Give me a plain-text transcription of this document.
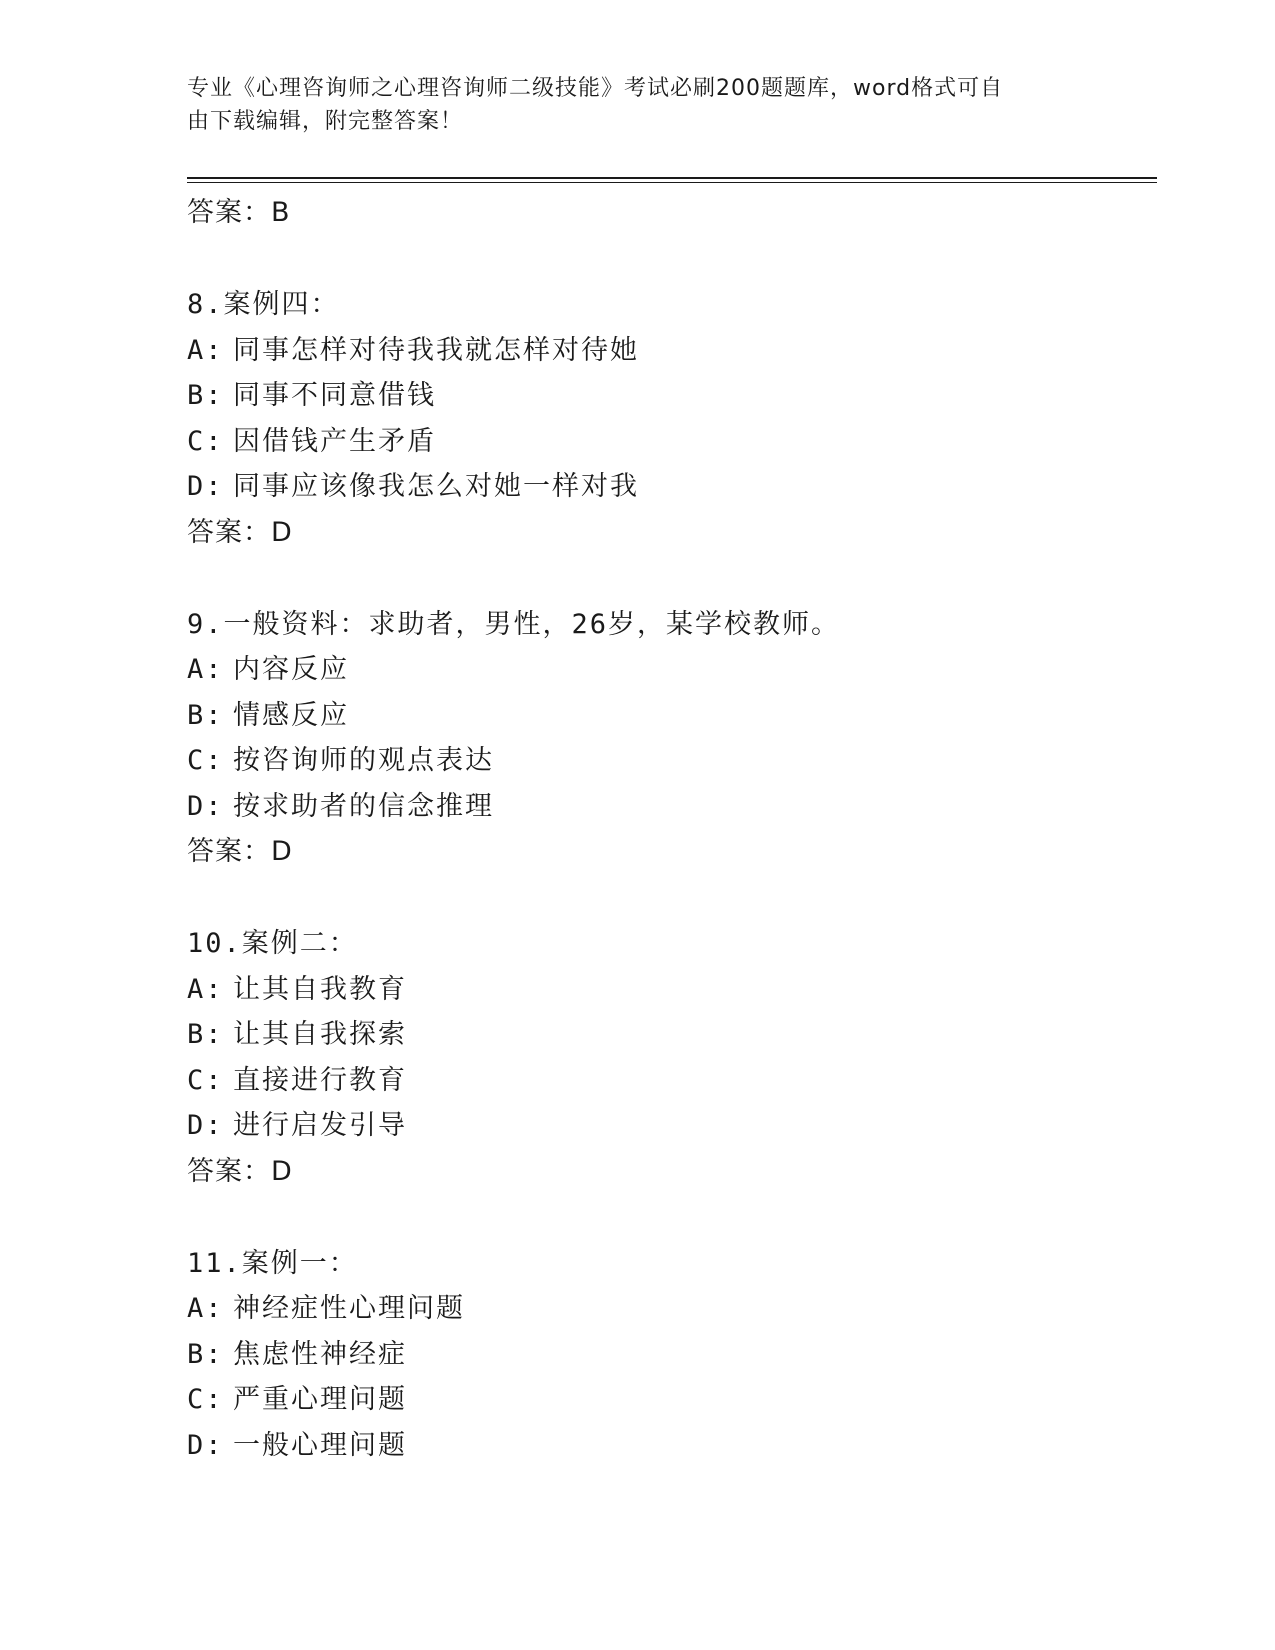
专业《心理咨询师之心理咨询师二级技能》考试必刷200题题库，word格式可自
由下载编辑，附完整答案！
答案：B
8.案例四：
A: 同事怎样对待我我就怎样对待她
B: 同事不同意借钱
C: 因借钱产生矛盾
D: 同事应该像我怎么对她一样对我
答案：D
9.一般资料：求助者，男性，26岁，某学校教师。
A: 内容反应
B: 情感反应
C: 按咨询师的观点表达
D: 按求助者的信念推理
答案：D
10.案例二：
A: 让其自我教育
B: 让其自我探索
C: 直接进行教育
D: 进行启发引导
答案：D
11.案例一：
A: 神经症性心理问题
B: 焦虑性神经症
C: 严重心理问题
D: 一般心理问题
